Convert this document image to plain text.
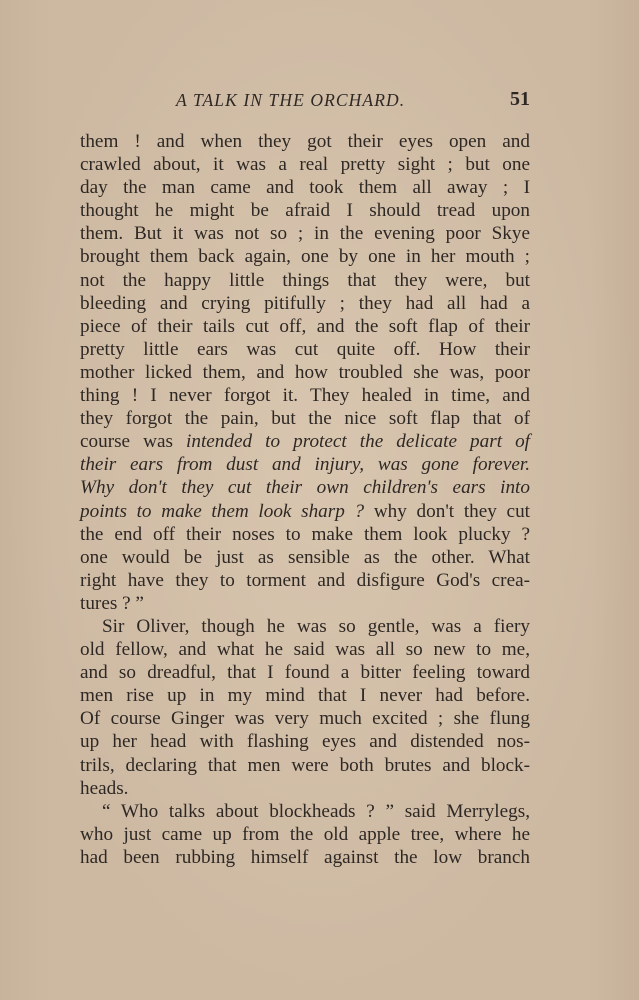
A TALK IN THE ORCHARD.	51
them ! and when they got their eyes open and
crawled about, it was a real pretty sight ; but one
day the man came and took them all away ; I
thought he might be afraid I should tread upon
them. But it was not so ; in the evening poor Skye
brought them back again, one by one in her mouth ;
not the happy little things that they were, but
bleeding and crying pitifully ; they had all had a
piece of their tails cut off, and the soft flap of their
pretty little ears was cut quite off. How their
mother licked them, and how troubled she was, poor
thing ! I never forgot it. They healed in time, and
they forgot the pain, but the nice soft flap that of
course was intended to protect the delicate part of
their ears from dust and injury, was gone forever.
Why don't they cut their own children's ears into
points to make them look sharp ? why don't they cut
the end off their noses to make them look plucky ?
one would be just as sensible as the other. What
right have they to torment and disfigure God's crea-
tures ? ”
Sir Oliver, though he was so gentle, was a fiery
old fellow, and what he said was all so new to me,
and so dreadful, that I found a bitter feeling toward
men rise up in my mind that I never had before.
Of course Ginger was very much excited ; she flung
up her head with flashing eyes and distended nos-
trils, declaring that men were both brutes and block-
heads.
“ Who talks about blockheads ? ” said Merrylegs,
who just came up from the old apple tree, where he
had been rubbing himself against the low branch
